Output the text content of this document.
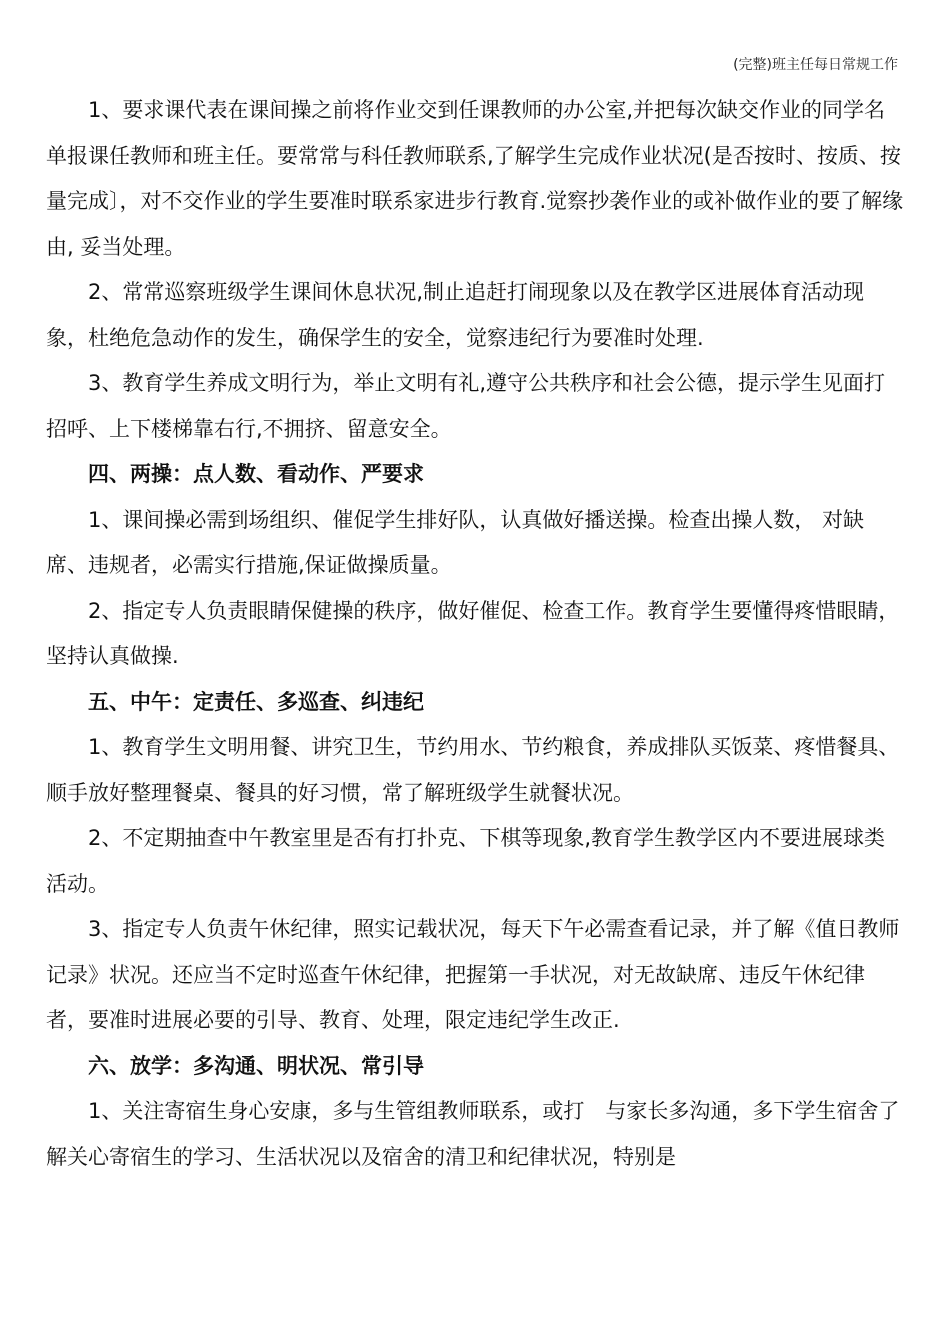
(完整)班主任每日常规工作

1、要求课代表在课间操之前将作业交到任课教师的办公室,并把每次缺交作业的同学名单报课任教师和班主任。要常常与科任教师联系,了解学生完成作业状况(是否按时、按质、按量完成〕，对不交作业的学生要准时联系家进步行教育.觉察抄袭作业的或补做作业的要了解缘由, 妥当处理。

2、常常巡察班级学生课间休息状况,制止追赶打闹现象以及在教学区进展体育活动现象，杜绝危急动作的发生，确保学生的安全，觉察违纪行为要准时处理.

3、教育学生养成文明行为，举止文明有礼,遵守公共秩序和社会公德，提示学生见面打招呼、上下楼梯靠右行,不拥挤、留意安全。

四、两操：点人数、看动作、严要求

1、课间操必需到场组织、催促学生排好队，认真做好播送操。检查出操人数， 对缺席、违规者，必需实行措施,保证做操质量。

2、指定专人负责眼睛保健操的秩序，做好催促、检查工作。教育学生要懂得疼惜眼睛，坚持认真做操.

五、中午：定责任、多巡查、纠违纪

1、教育学生文明用餐、讲究卫生，节约用水、节约粮食，养成排队买饭菜、疼惜餐具、顺手放好整理餐桌、餐具的好习惯，常了解班级学生就餐状况。

2、不定期抽查中午教室里是否有打扑克、下棋等现象,教育学生教学区内不要进展球类活动。

3、指定专人负责午休纪律，照实记载状况，每天下午必需查看记录，并了解《值日教师记录》状况。还应当不定时巡查午休纪律，把握第一手状况，对无故缺席、违反午休纪律者，要准时进展必要的引导、教育、处理，限定违纪学生改正.

六、放学：多沟通、明状况、常引导

1、关注寄宿生身心安康，多与生管组教师联系，或打　与家长多沟通，多下学生宿舍了解关心寄宿生的学习、生活状况以及宿舍的清卫和纪律状况，特别是
